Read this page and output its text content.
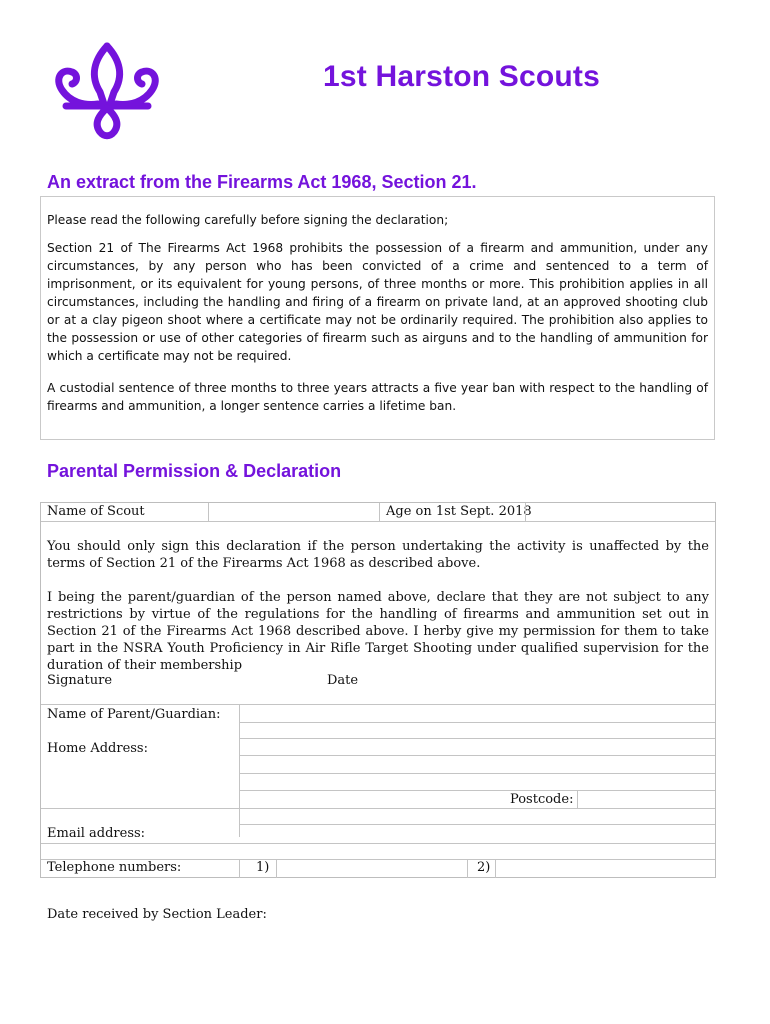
1st Harston Scouts
An extract from the Firearms Act 1968, Section 21.

Please read the following carefully before signing the declaration;

Section 21 of The Firearms Act 1968 prohibits the possession of a firearm and ammunition, under any circumstances, by any person who has been convicted of a crime and sentenced to a term of imprisonment, or its equivalent for young persons, of three months or more. This prohibition applies in all circumstances, including the handling and firing of a firearm on private land, at an approved shooting club or at a clay pigeon shoot where a certificate may not be ordinarily required. The prohibition also applies to the possession or use of other categories of firearm such as airguns and to the handling of ammunition for which a certificate may not be required.

A custodial sentence of three months to three years attracts a five year ban with respect to the handling of firearms and ammunition, a longer sentence carries a lifetime ban.

Parental Permission & Declaration
Name of Scout	Age on 1st Sept. 2018
You should only sign this declaration if the person undertaking the activity is unaffected by the terms of Section 21 of the Firearms Act 1968 as described above.
I being the parent/guardian of the person named above, declare that they are not subject to any restrictions by virtue of the regulations for the handling of firearms and ammunition set out in Section 21 of the Firearms Act 1968 described above. I herby give my permission for them to take part in the NSRA Youth Proficiency in Air Rifle Target Shooting under qualified supervision for the duration of their membership
Signature	Date
Name of Parent/Guardian:
Home Address:
Postcode:
Email address:
Telephone numbers:	1)	2)
Date received by Section Leader:
